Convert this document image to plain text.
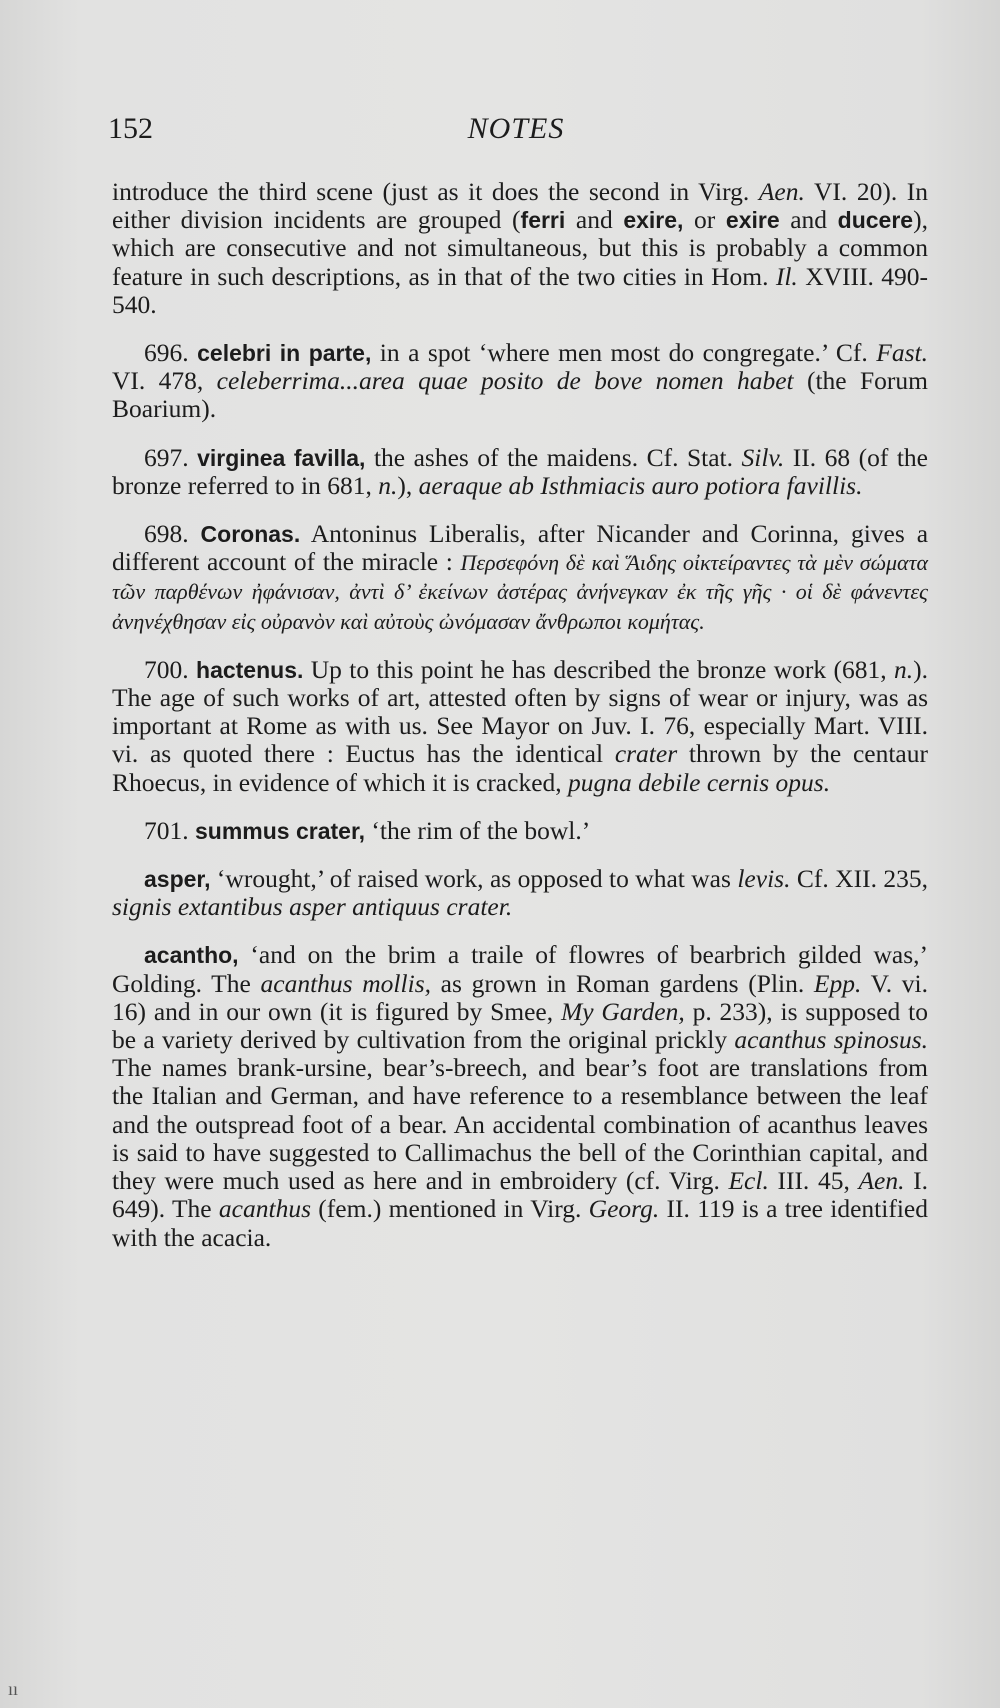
152	NOTES

introduce the third scene (just as it does the second in Virg. Aen. VI. 20). In either division incidents are grouped (ferri and exire, or exire and ducere), which are consecutive and not simultaneous, but this is probably a common feature in such descriptions, as in that of the two cities in Hom. Il. XVIII. 490-540.

696. celebri in parte, in a spot ‘where men most do congregate.’ Cf. Fast. VI. 478, celeberrima...area quae posito de bove nomen habet (the Forum Boarium).

697. virginea favilla, the ashes of the maidens. Cf. Stat. Silv. II. 68 (of the bronze referred to in 681, n.), aeraque ab Isthmiacis auro potiora favillis.

698. Coronas. Antoninus Liberalis, after Nicander and Corinna, gives a different account of the miracle : Περσεφόνη δὲ καὶ Ἅιδης οἰκτείραντες τὰ μὲν σώματα τῶν παρθένων ἠφάνισαν, ἀντὶ δ’ ἐκείνων ἀστέρας ἀνήνεγκαν ἐκ τῆς γῆς · οἱ δὲ φάνεντες ἀνηνέχθησαν εἰς οὐρανὸν καὶ αὐτοὺς ὠνόμασαν ἄνθρωποι κομήτας.

700. hactenus. Up to this point he has described the bronze work (681, n.). The age of such works of art, attested often by signs of wear or injury, was as important at Rome as with us. See Mayor on Juv. I. 76, especially Mart. VIII. vi. as quoted there : Euctus has the identical crater thrown by the centaur Rhoecus, in evidence of which it is cracked, pugna debile cernis opus.

701. summus crater, ‘the rim of the bowl.’

asper, ‘wrought,’ of raised work, as opposed to what was levis. Cf. XII. 235, signis extantibus asper antiquus crater.

acantho, ‘and on the brim a traile of flowres of bearbrich gilded was,’ Golding. The acanthus mollis, as grown in Roman gardens (Plin. Epp. V. vi. 16) and in our own (it is figured by Smee, My Garden, p. 233), is supposed to be a variety derived by cultivation from the original prickly acanthus spinosus. The names brank-ursine, bear’s-breech, and bear’s foot are translations from the Italian and German, and have reference to a resemblance between the leaf and the outspread foot of a bear. An accidental combination of acanthus leaves is said to have suggested to Callimachus the bell of the Corinthian capital, and they were much used as here and in embroidery (cf. Virg. Ecl. III. 45, Aen. I. 649). The acanthus (fem.) mentioned in Virg. Georg. II. 119 is a tree identified with the acacia.

ıı
